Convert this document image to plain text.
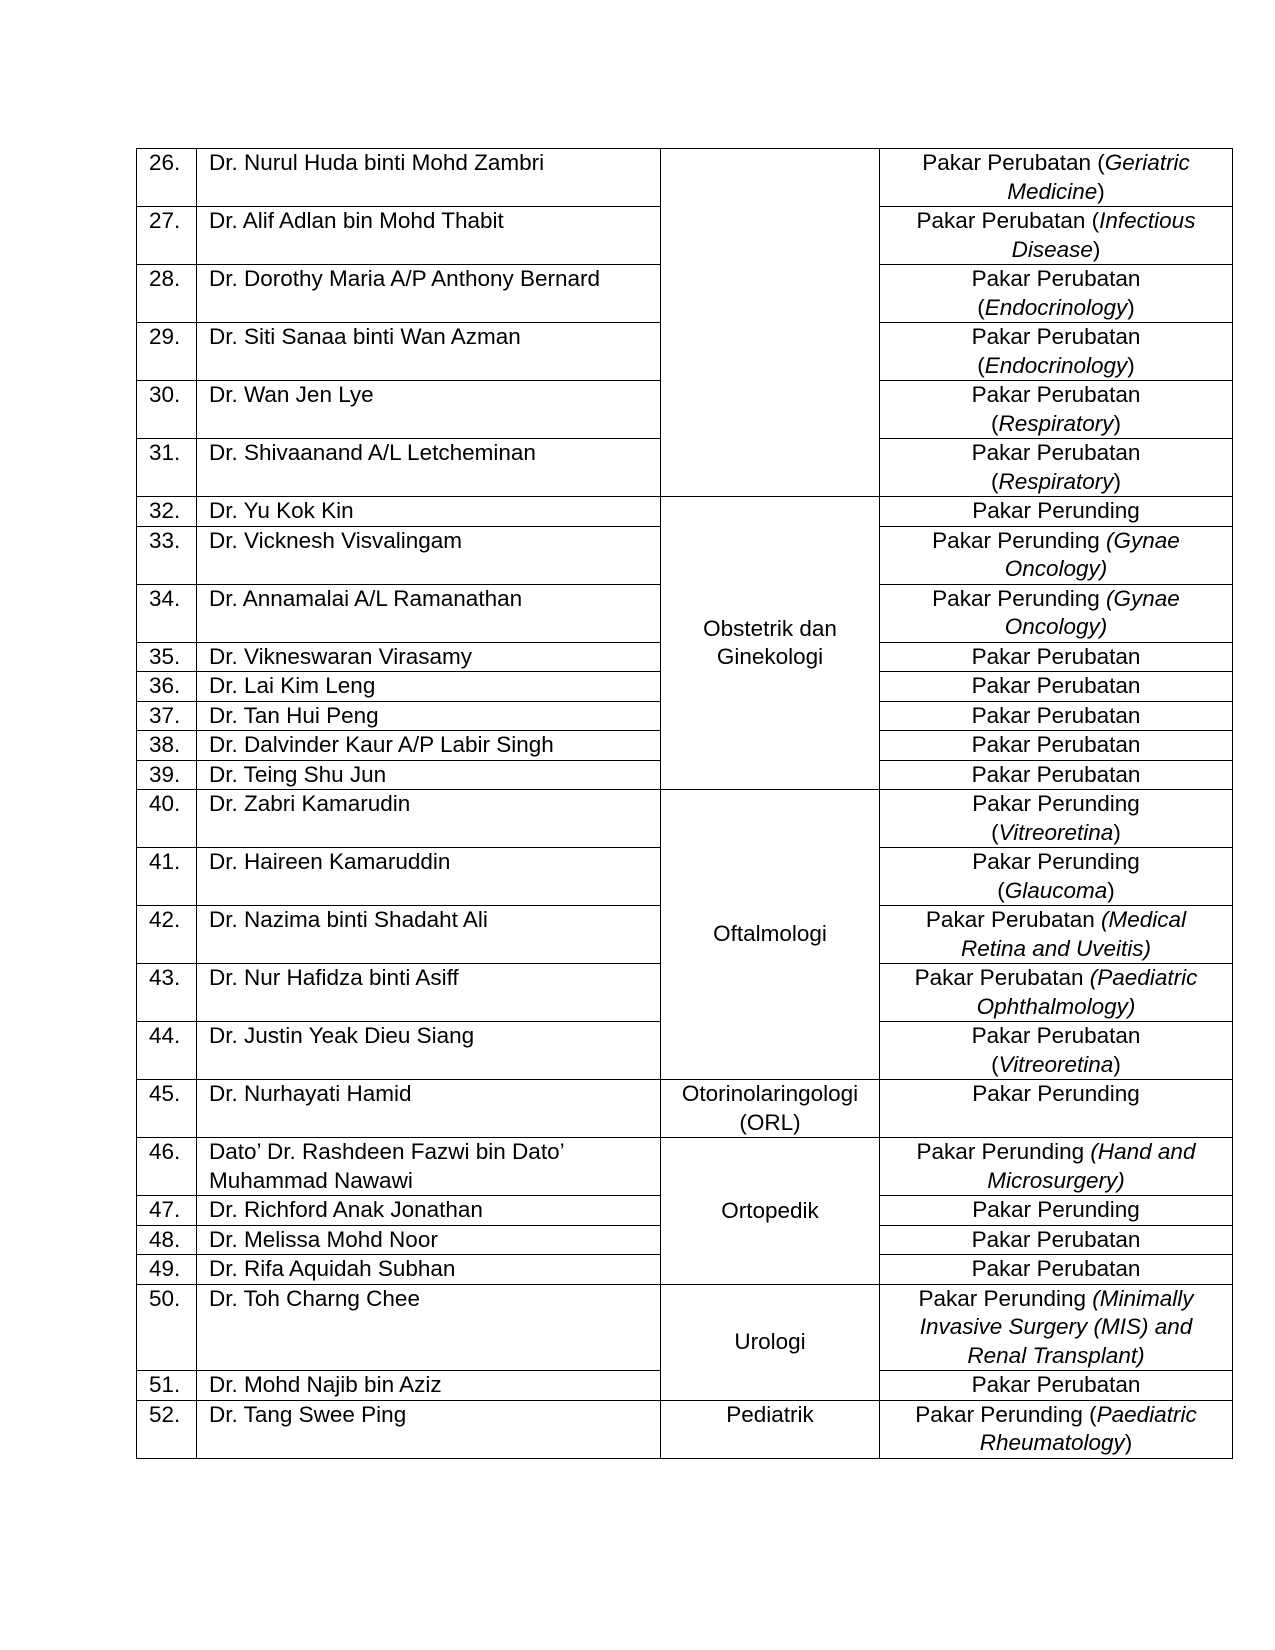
26.	Dr. Nurul Huda binti Mohd Zambri		Pakar Perubatan (Geriatric
Medicine)

27.	Dr. Alif Adlan bin Mohd Thabit		Pakar Perubatan (Infectious
Disease)

28.	Dr. Dorothy Maria A/P Anthony Bernard		Pakar Perubatan
(Endocrinology)

29.	Dr. Siti Sanaa binti Wan Azman		Pakar Perubatan
(Endocrinology)

30.	Dr. Wan Jen Lye		Pakar Perubatan
(Respiratory)

31.	Dr. Shivaanand A/L Letcheminan		Pakar Perubatan
(Respiratory)

32.	Dr. Yu Kok Kin	Obstetrik dan
Ginekologi	Pakar Perunding

33.	Dr. Vicknesh Visvalingam		Pakar Perunding (Gynae
Oncology)

34.	Dr. Annamalai A/L Ramanathan		Pakar Perunding (Gynae
Oncology)

35.	Dr. Vikneswaran Virasamy		Pakar Perubatan

36.	Dr. Lai Kim Leng		Pakar Perubatan

37.	Dr. Tan Hui Peng		Pakar Perubatan

38.	Dr. Dalvinder Kaur A/P Labir Singh		Pakar Perubatan

39.	Dr. Teing Shu Jun		Pakar Perubatan

40.	Dr. Zabri Kamarudin	Oftalmologi	Pakar Perunding
(Vitreoretina)

41.	Dr. Haireen Kamaruddin		Pakar Perunding
(Glaucoma)

42.	Dr. Nazima binti Shadaht Ali		Pakar Perubatan (Medical
Retina and Uveitis)

43.	Dr. Nur Hafidza binti Asiff		Pakar Perubatan (Paediatric
Ophthalmology)

44.	Dr. Justin Yeak Dieu Siang		Pakar Perubatan
(Vitreoretina)

45.	Dr. Nurhayati Hamid	Otorinolaringologi
(ORL)	Pakar Perunding

46.	Dato’ Dr. Rashdeen Fazwi bin Dato’ Muhammad Nawawi	Ortopedik	Pakar Perunding (Hand and
Microsurgery)

47.	Dr. Richford Anak Jonathan		Pakar Perunding

48.	Dr. Melissa Mohd Noor		Pakar Perubatan

49.	Dr. Rifa Aquidah Subhan		Pakar Perubatan

50.	Dr. Toh Charng Chee	Urologi	Pakar Perunding (Minimally
Invasive Surgery (MIS) and
Renal Transplant)

51.	Dr. Mohd Najib bin Aziz		Pakar Perubatan

52.	Dr. Tang Swee Ping	Pediatrik	Pakar Perunding (Paediatric
Rheumatology)
